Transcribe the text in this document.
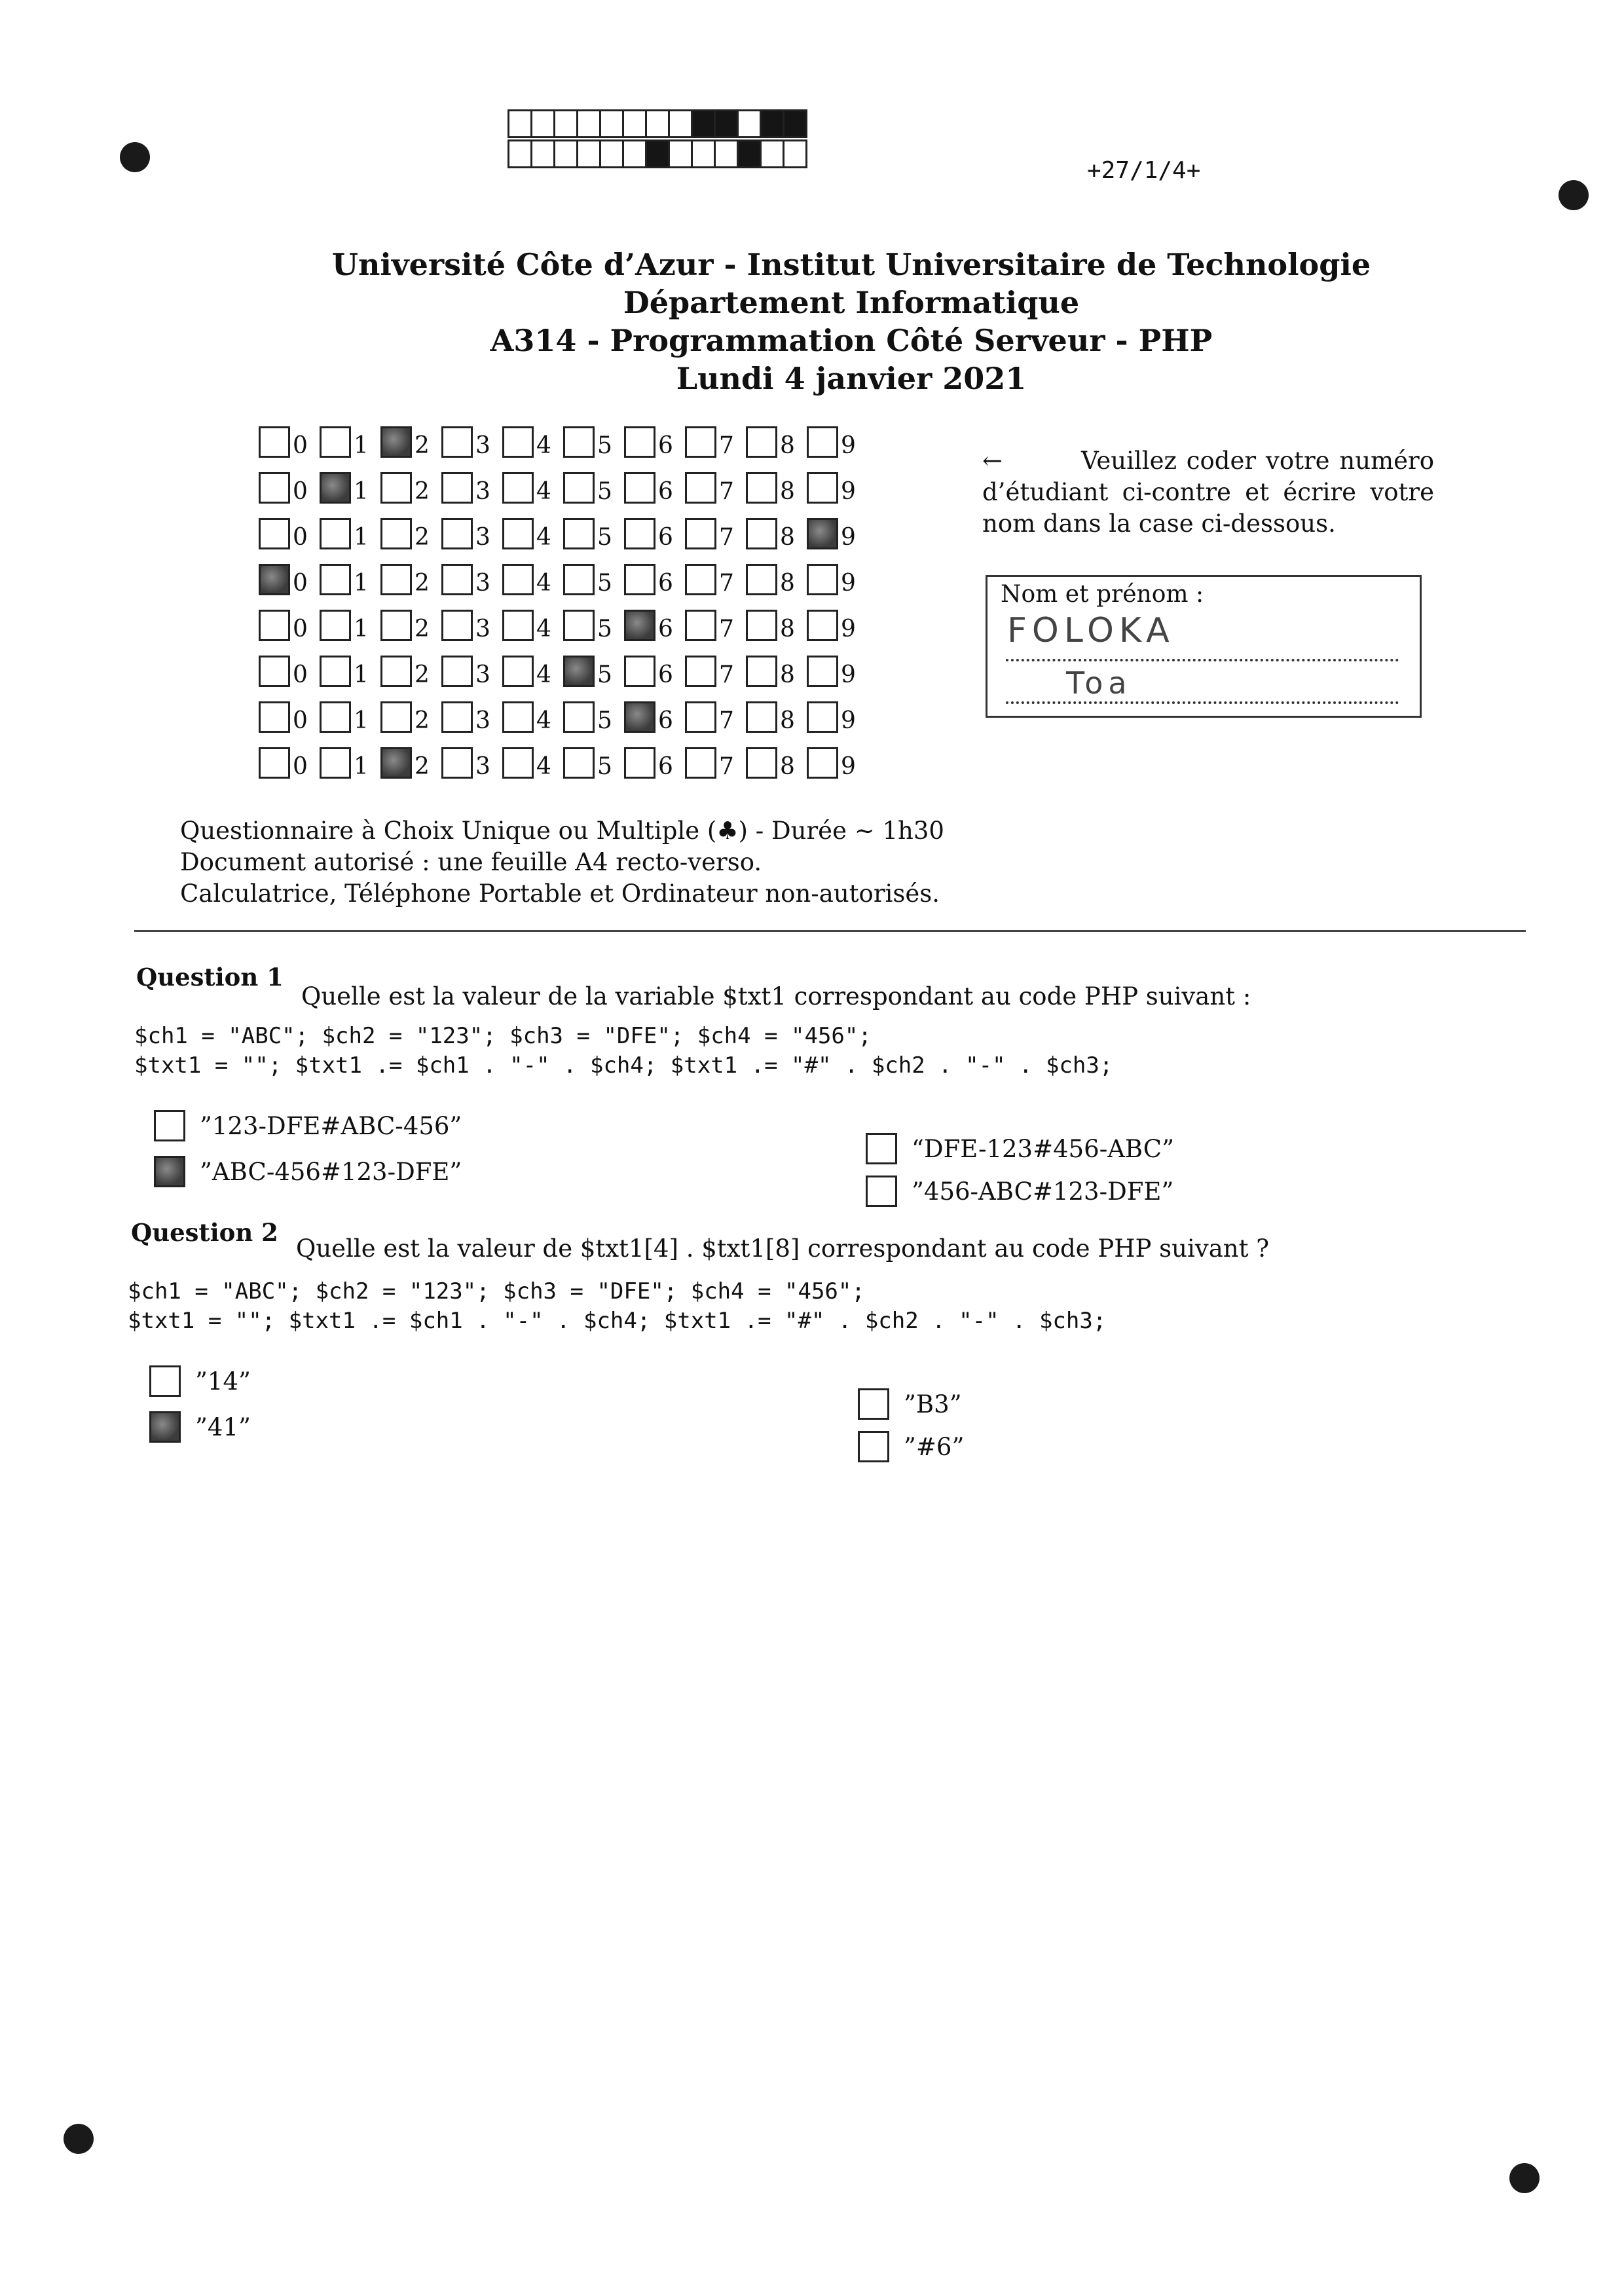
+27/1/4+
Université Côte d’Azur - Institut Universitaire de Technologie
Département Informatique
A314 - Programmation Côté Serveur - PHP
Lundi 4 janvier 2021
0 1 2 3 4 5 6 7 8 9
0 1 2 3 4 5 6 7 8 9
0 1 2 3 4 5 6 7 8 9
0 1 2 3 4 5 6 7 8 9
0 1 2 3 4 5 6 7 8 9
0 1 2 3 4 5 6 7 8 9
0 1 2 3 4 5 6 7 8 9
0 1 2 3 4 5 6 7 8 9
←	Veuillez coder votre numéro d’étudiant ci-contre et écrire votre nom dans la case ci-dessous.
Nom et prénom :
FOLOKA
Toa
Questionnaire à Choix Unique ou Multiple (♣) - Durée ∼ 1h30
Document autorisé : une feuille A4 recto-verso.
Calculatrice, Téléphone Portable et Ordinateur non-autorisés.
Question 1
Quelle est la valeur de la variable $txt1 correspondant au code PHP suivant :
$ch1 = "ABC"; $ch2 = "123"; $ch3 = "DFE"; $ch4 = "456";
$txt1 = ""; $txt1 .= $ch1 . "-" . $ch4; $txt1 .= "#" . $ch2 . "-" . $ch3;
”123-DFE#ABC-456”
”ABC-456#123-DFE”
“DFE-123#456-ABC”
”456-ABC#123-DFE”
Question 2
Quelle est la valeur de $txt1[4] . $txt1[8] correspondant au code PHP suivant ?
$ch1 = "ABC"; $ch2 = "123"; $ch3 = "DFE"; $ch4 = "456";
$txt1 = ""; $txt1 .= $ch1 . "-" . $ch4; $txt1 .= "#" . $ch2 . "-" . $ch3;
”14”
”41”
”B3”
”#6”
